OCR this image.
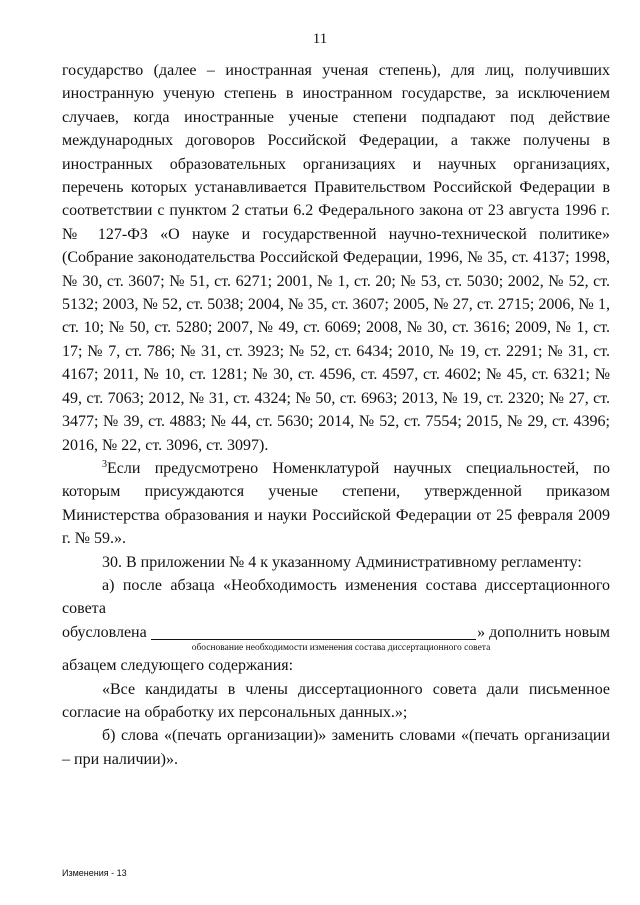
11

государство (далее – иностранная ученая степень), для лиц, получивших иностранную ученую степень в иностранном государстве, за исключением случаев, когда иностранные ученые степени подпадают под действие международных договоров Российской Федерации, а также получены в иностранных образовательных организациях и научных организациях, перечень которых устанавливается Правительством Российской Федерации в соответствии с пунктом 2 статьи 6.2 Федерального закона от 23 августа 1996 г. № 127-ФЗ «О науке и государственной научно-технической политике» (Собрание законодательства Российской Федерации, 1996, № 35, ст. 4137; 1998, № 30, ст. 3607; № 51, ст. 6271; 2001, № 1, ст. 20; № 53, ст. 5030; 2002, № 52, ст. 5132; 2003, № 52, ст. 5038; 2004, № 35, ст. 3607; 2005, № 27, ст. 2715; 2006, № 1, ст. 10; № 50, ст. 5280; 2007, № 49, ст. 6069; 2008, № 30, ст. 3616; 2009, № 1, ст. 17; № 7, ст. 786; № 31, ст. 3923; № 52, ст. 6434; 2010, № 19, ст. 2291; № 31, ст. 4167; 2011, № 10, ст. 1281; № 30, ст. 4596, ст. 4597, ст. 4602; № 45, ст. 6321; № 49, ст. 7063; 2012, № 31, ст. 4324; № 50, ст. 6963; 2013, № 19, ст. 2320; № 27, ст. 3477; № 39, ст. 4883; № 44, ст. 5630; 2014, № 52, ст. 7554; 2015, № 29, ст. 4396; 2016, № 22, ст. 3096, ст. 3097).

$^3$Если предусмотрено Номенклатурой научных специальностей, по которым присуждаются ученые степени, утвержденной приказом Министерства образования и науки Российской Федерации от 25 февраля 2009 г. № 59.».

30. В приложении № 4 к указанному Административному регламенту:

а) после абзаца «Необходимость изменения состава диссертационного совета

обусловлена	» дополнить новым
обоснование необходимости изменения состава диссертационного совета

абзацем следующего содержания:

«Все кандидаты в члены диссертационного совета дали письменное согласие на обработку их персональных данных.»;

б) слова «(печать организации)» заменить словами «(печать организации – при наличии)».

Изменения - 13
